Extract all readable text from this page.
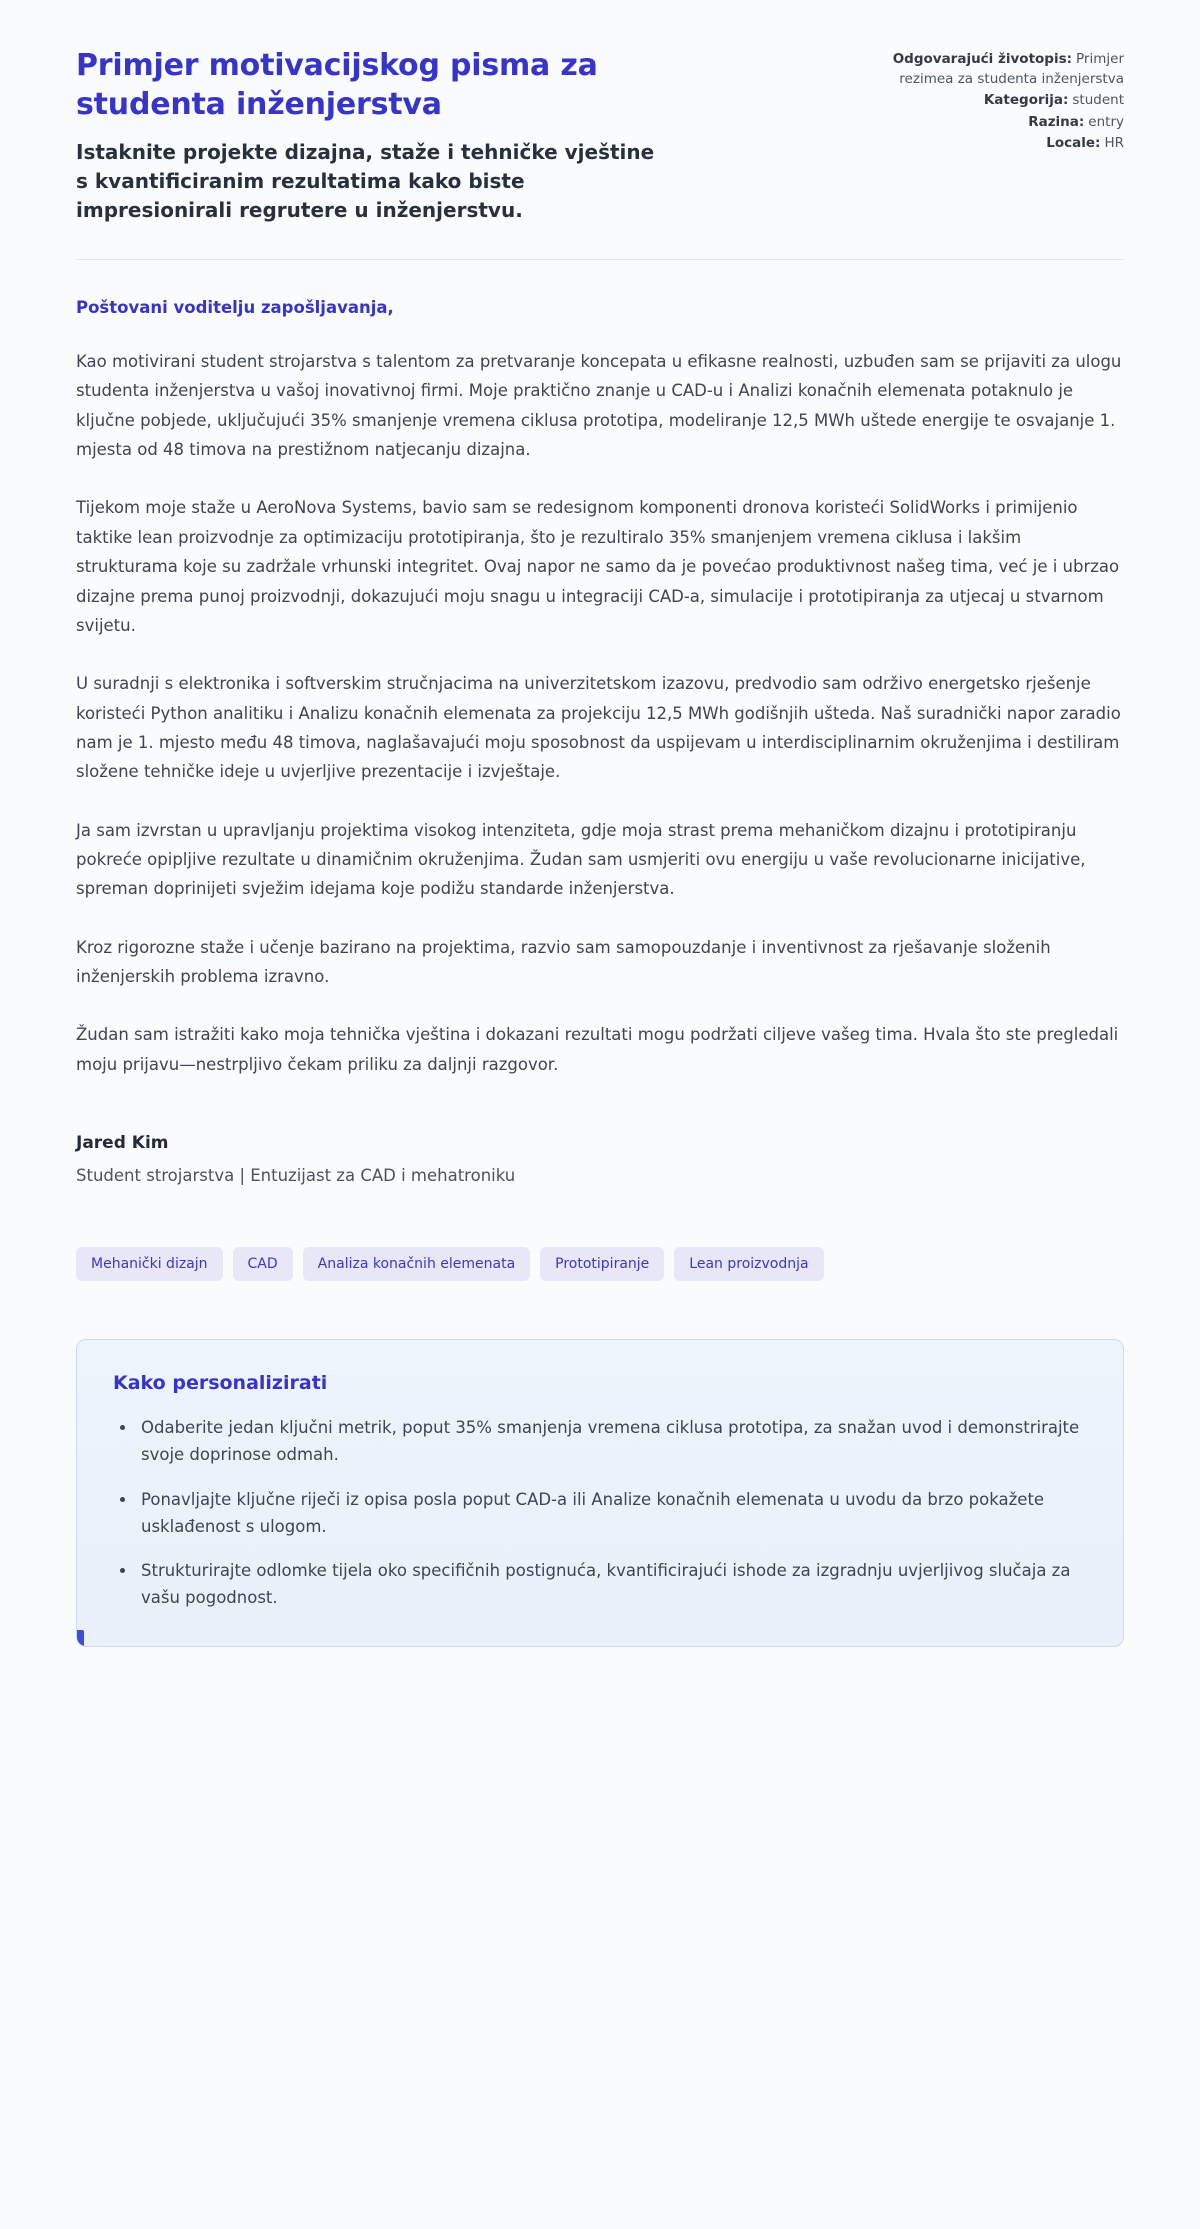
Primjer motivacijskog pisma za studenta inženjerstva
Istaknite projekte dizajna, staže i tehničke vještine s kvantificiranim rezultatima kako biste impresionirali regrutere u inženjerstvu.
Odgovarajući životopis: Primjer rezimea za studenta inženjerstva
Kategorija: student
Razina: entry
Locale: HR
Poštovani voditelju zapošljavanja,

Kao motivirani student strojarstva s talentom za pretvaranje koncepata u efikasne realnosti, uzbuđen sam se prijaviti za ulogu studenta inženjerstva u vašoj inovativnoj firmi. Moje praktično znanje u CAD-u i Analizi konačnih elemenata potaknulo je ključne pobjede, uključujući 35% smanjenje vremena ciklusa prototipa, modeliranje 12,5 MWh uštede energije te osvajanje 1. mjesta od 48 timova na prestižnom natjecanju dizajna.

Tijekom moje staže u AeroNova Systems, bavio sam se redesignom komponenti dronova koristeći SolidWorks i primijenio taktike lean proizvodnje za optimizaciju prototipiranja, što je rezultiralo 35% smanjenjem vremena ciklusa i lakšim strukturama koje su zadržale vrhunski integritet. Ovaj napor ne samo da je povećao produktivnost našeg tima, već je i ubrzao dizajne prema punoj proizvodnji, dokazujući moju snagu u integraciji CAD-a, simulacije i prototipiranja za utjecaj u stvarnom svijetu.

U suradnji s elektronika i softverskim stručnjacima na univerzitetskom izazovu, predvodio sam održivo energetsko rješenje koristeći Python analitiku i Analizu konačnih elemenata za projekciju 12,5 MWh godišnjih ušteda. Naš suradnički napor zaradio nam je 1. mjesto među 48 timova, naglašavajući moju sposobnost da uspijevam u interdisciplinarnim okruženjima i destiliram složene tehničke ideje u uvjerljive prezentacije i izvještaje.

Ja sam izvrstan u upravljanju projektima visokog intenziteta, gdje moja strast prema mehaničkom dizajnu i prototipiranju pokreće opipljive rezultate u dinamičnim okruženjima. Žudan sam usmjeriti ovu energiju u vaše revolucionarne inicijative, spreman doprinijeti svježim idejama koje podižu standarde inženjerstva.

Kroz rigorozne staže i učenje bazirano na projektima, razvio sam samopouzdanje i inventivnost za rješavanje složenih inženjerskih problema izravno.

Žudan sam istražiti kako moja tehnička vještina i dokazani rezultati mogu podržati ciljeve vašeg tima. Hvala što ste pregledali moju prijavu—nestrpljivo čekam priliku za daljnji razgovor.

Jared Kim
Student strojarstva | Entuzijast za CAD i mehatroniku
Mehanički dizajn	CAD	Analiza konačnih elemenata	Prototipiranje	Lean proizvodnja
Kako personalizirati
• Odaberite jedan ključni metrik, poput 35% smanjenja vremena ciklusa prototipa, za snažan uvod i demonstrirajte svoje doprinose odmah.
• Ponavljajte ključne riječi iz opisa posla poput CAD-a ili Analize konačnih elemenata u uvodu da brzo pokažete usklađenost s ulogom.
• Strukturirajte odlomke tijela oko specifičnih postignuća, kvantificirajući ishode za izgradnju uvjerljivog slučaja za vašu pogodnost.
